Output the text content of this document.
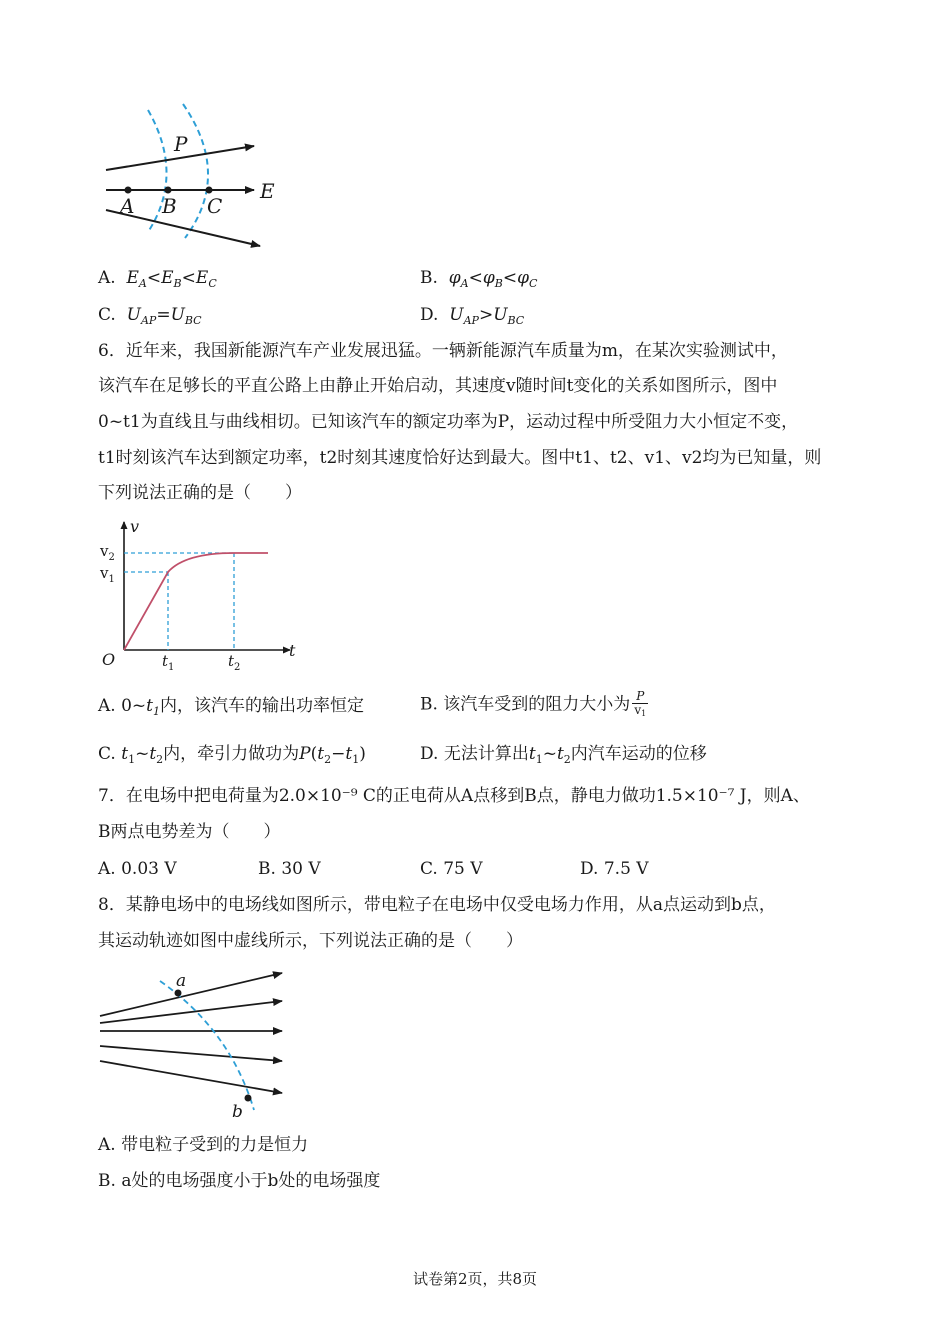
P
A B C
E
A. $E_A<E_B<E_C$	B. $\varphi_A<\varphi_B<\varphi_C$
C. $U_{AP}=U_{BC}$	D. $U_{AP}>U_{BC}$
6．近年来，我国新能源汽车产业发展迅猛。一辆新能源汽车质量为m，在某次实验测试中，
该汽车在足够长的平直公路上由静止开始启动，其速度v随时间t变化的关系如图所示，图中
0~t1为直线且与曲线相切。已知该汽车的额定功率为P，运动过程中所受阻力大小恒定不变，
t1时刻该汽车达到额定功率，t2时刻其速度恰好达到最大。图中t1、t2、v1、v2均为已知量，则
下列说法正确的是（　　）
v
$v_2$
$v_1$
O	$t_1$	$t_2$
t
A. $0\sim t_1$内，该汽车的输出功率恒定	B. 该汽车受到的阻力大小为 $\frac{P}{v_1}$
C. $t_1\sim t_2$内，牵引力做功为$P(t_2-t_1)$	D. 无法计算出$t_1\sim t_2$内汽车运动的位移
7．在电场中把电荷量为2.0×10⁻⁹ C的正电荷从A点移到B点，静电力做功1.5×10⁻⁷ J，则A、
B两点电势差为（　　）
A. 0.03 V	B. 30 V	C. 75 V	D. 7.5 V
8．某静电场中的电场线如图所示，带电粒子在电场中仅受电场力作用，从a点运动到b点，
其运动轨迹如图中虚线所示，下列说法正确的是（　　）
a
b
A. 带电粒子受到的力是恒力
B. a处的电场强度小于b处的电场强度
试卷第2页，共8页
